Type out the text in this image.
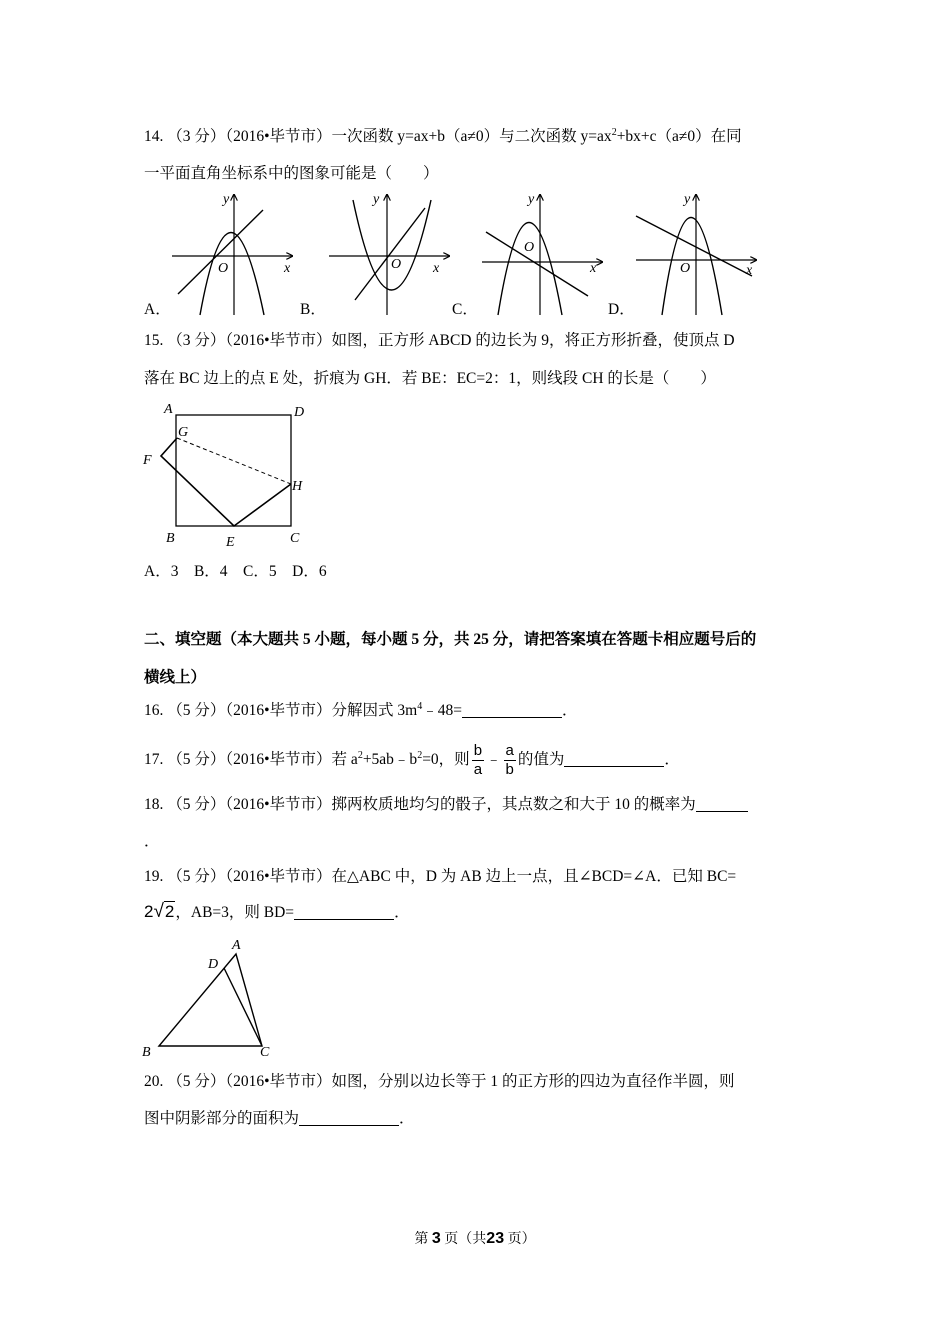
14. （3 分）（2016•毕节市）一次函数 y=ax+b（a≠0）与二次函数 $y=ax^2+bx+c(a\ne 0)$在同
一平面直角坐标系中的图象可能是（　　）
y
x
O
y
x
O
y
x
O
y
x
O
A．	B．	C．	D．
15. （3 分）（2016•毕节市）如图，正方形 ABCD 的边长为 9，将正方形折叠，使顶点 D
落在 BC 边上的点 E 处，折痕为 GH．若 BE：EC=2：1，则线段 CH 的长是（　　）
A	D
G
F
H
B	E	C
A．3　B．4　C．5　D．6
二、填空题（本大题共 5 小题，每小题 5 分，共 25 分，请把答案填在答题卡相应题号后的
横线上）
16. （5 分）（2016•毕节市）分解因式 $3m^4﹣48=$	．
17. （5 分）（2016•毕节市）若 $a^2+5ab﹣b^2=0$，则 $\frac{b}{a}$ ﹣ $\frac{a}{b}$ 的值为	．
18. （5 分）（2016•毕节市）掷两枚质地均匀的骰子，其点数之和大于 10 的概率为
．
19. （5 分）（2016•毕节市）在△ABC 中，D 为 AB 边上一点，且∠BCD=∠A．已知 BC=
2√2，AB=3，则 BD=	．
A
D
B	C
20. （5 分）（2016•毕节市）如图，分别以边长等于 1 的正方形的四边为直径作半圆，则
图中阴影部分的面积为	．
第 3 页（共23 页）
